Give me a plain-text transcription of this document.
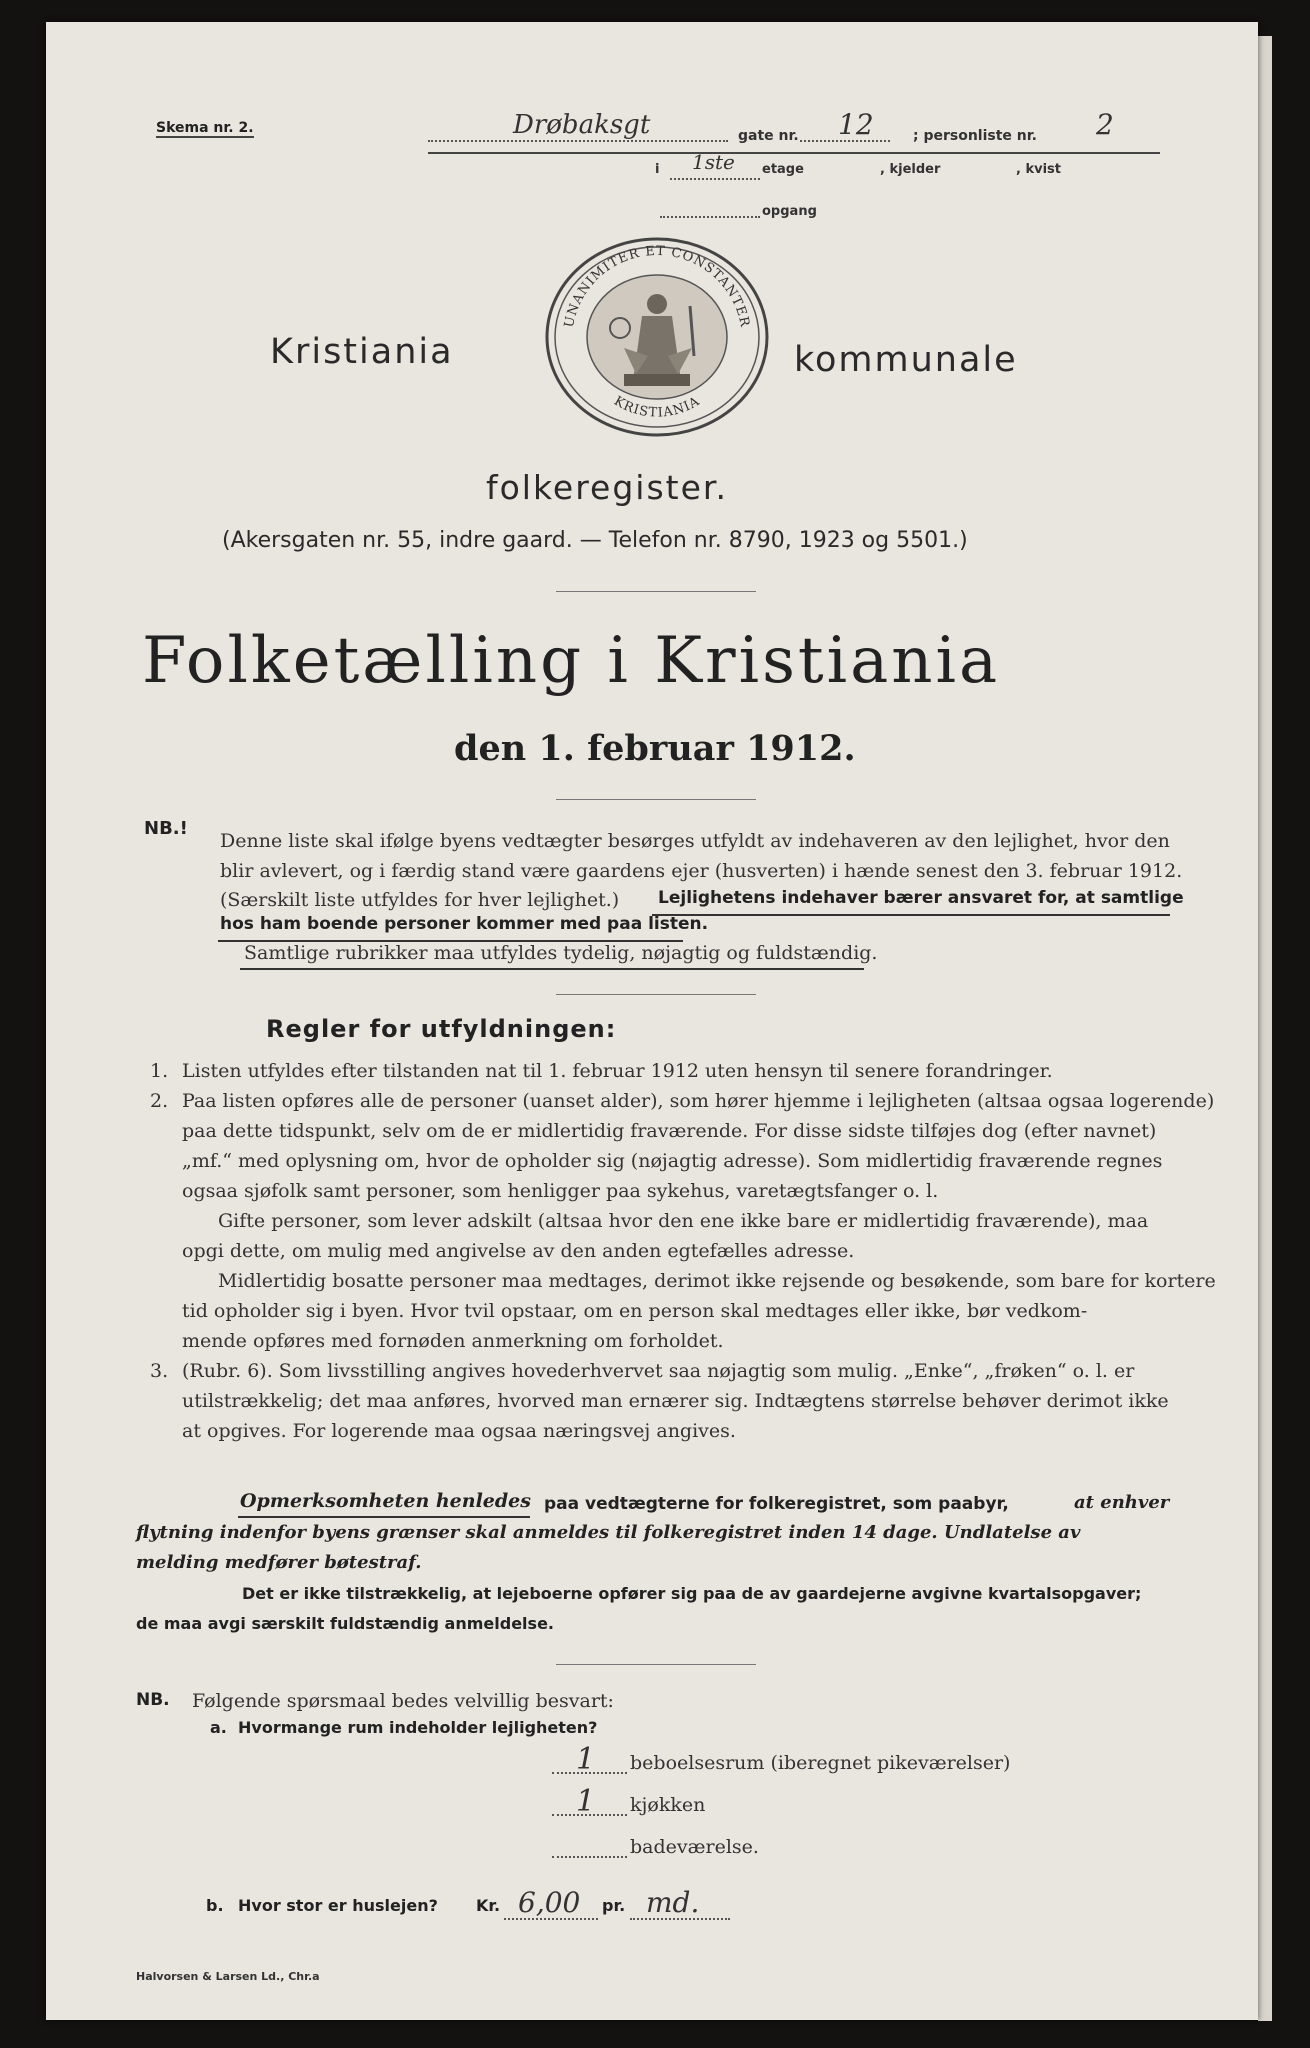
Skema nr. 2.	Drøbaksgt	gate nr. 12	; personliste nr. 2
i 1ste etage	, kjelder	, kvist
opgang
Kristiania	kommunale
UNANIMITER ET CONSTANTER
KRISTIANIA
folkeregister.
(Akersgaten nr. 55, indre gaard. — Telefon nr. 8790, 1923 og 5501.)
Folketælling i Kristiania
den 1. februar 1912.
NB.!
Denne liste skal ifølge byens vedtægter besørges utfyldt av indehaveren av den lejlighet, hvor den
blir avlevert, og i færdig stand være gaardens ejer (husverten) i hænde senest den 3. februar 1912.
(Særskilt liste utfyldes for hver lejlighet.) Lejlighetens indehaver bærer ansvaret for, at samtlige
hos ham boende personer kommer med paa listen.
Samtlige rubrikker maa utfyldes tydelig, nøjagtig og fuldstændig.
Regler for utfyldningen:
1. Listen utfyldes efter tilstanden nat til 1. februar 1912 uten hensyn til senere forandringer.
2. Paa listen opføres alle de personer (uanset alder), som hører hjemme i lejligheten (altsaa ogsaa logerende)
paa dette tidspunkt, selv om de er midlertidig fraværende. For disse sidste tilføjes dog (efter navnet)
„mf.“ med oplysning om, hvor de opholder sig (nøjagtig adresse). Som midlertidig fraværende regnes
ogsaa sjøfolk samt personer, som henligger paa sykehus, varetægtsfanger o. l.
Gifte personer, som lever adskilt (altsaa hvor den ene ikke bare er midlertidig fraværende), maa
opgi dette, om mulig med angivelse av den anden egtefælles adresse.
Midlertidig bosatte personer maa medtages, derimot ikke rejsende og besøkende, som bare for kortere
tid opholder sig i byen. Hvor tvil opstaar, om en person skal medtages eller ikke, bør vedkom-
mende opføres med fornøden anmerkning om forholdet.
3. (Rubr. 6). Som livsstilling angives hovederhvervet saa nøjagtig som mulig. „Enke“, „frøken“ o. l. er
utilstrækkelig; det maa anføres, hvorved man ernærer sig. Indtægtens størrelse behøver derimot ikke
at opgives. For logerende maa ogsaa næringsvej angives.
Opmerksomheten henledes paa vedtægterne for folkeregistret, som paabyr,	at enhver
flytning indenfor byens grænser skal anmeldes til folkeregistret inden 14 dage. Undlatelse av
melding medfører bøtestraf.
Det er ikke tilstrækkelig, at lejeboerne opfører sig paa de av gaardejerne avgivne kvartalsopgaver;
de maa avgi særskilt fuldstændig anmeldelse.
NB. Følgende spørsmaal bedes velvillig besvart:
a. Hvormange rum indeholder lejligheten?
1 beboelsesrum (iberegnet pikeværelser)
1 kjøkken
badeværelse.
b. Hvor stor er huslejen? Kr. 6,00 pr. md.
Halvorsen & Larsen Ld., Chr.a
